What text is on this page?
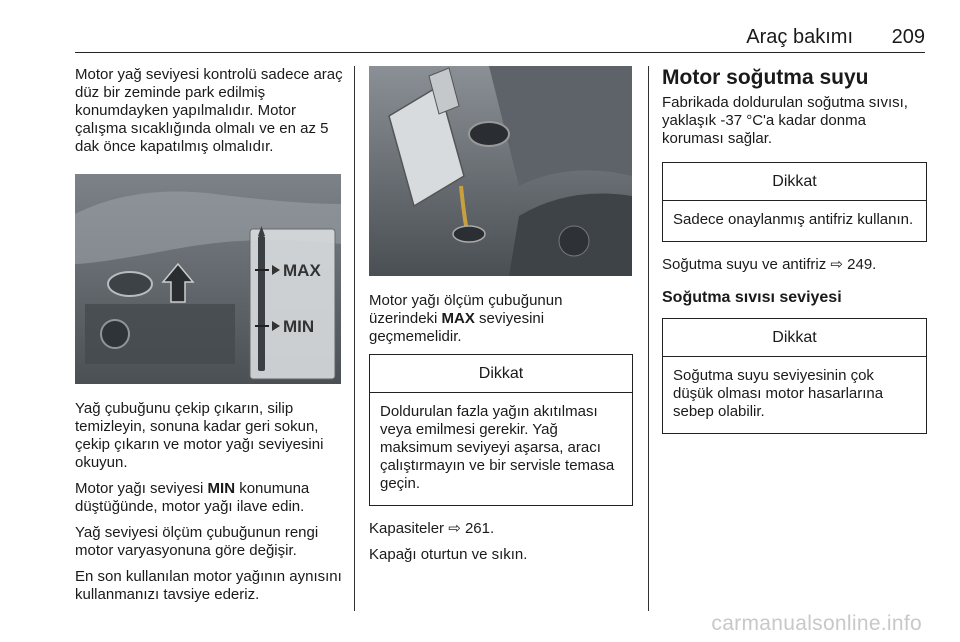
Araç bakımı 209

Motor yağ seviyesi kontrolü sadece araç düz bir zeminde park edilmiş konumdayken yapılmalıdır. Motor çalışma sıcaklığında olmalı ve en az 5 dak önce kapatılmış olmalıdır.

MAX
MIN

Yağ çubuğunu çekip çıkarın, silip temizleyin, sonuna kadar geri sokun, çekip çıkarın ve motor yağı seviyesini okuyun.

Motor yağı seviyesi MIN konumuna düştüğünde, motor yağı ilave edin.

Yağ seviyesi ölçüm çubuğunun rengi motor varyasyonuna göre değişir.

En son kullanılan motor yağının aynısını kullanmanızı tavsiye ederiz.

Motor yağı ölçüm çubuğunun üzerindeki MAX seviyesini geçmemelidir.

Dikkat
Doldurulan fazla yağın akıtılması veya emilmesi gerekir. Yağ maksimum seviyeyi aşarsa, aracı çalıştırmayın ve bir servisle temasa geçin.

Kapasiteler ⇨ 261.

Kapağı oturtun ve sıkın.

Motor soğutma suyu

Fabrikada doldurulan soğutma sıvısı, yaklaşık -37 °C'a kadar donma koruması sağlar.

Dikkat
Sadece onaylanmış antifriz kullanın.

Soğutma suyu ve antifriz ⇨ 249.

Soğutma sıvısı seviyesi
Dikkat
Soğutma suyu seviyesinin çok düşük olması motor hasarlarına sebep olabilir.
carmanualsonline.info
